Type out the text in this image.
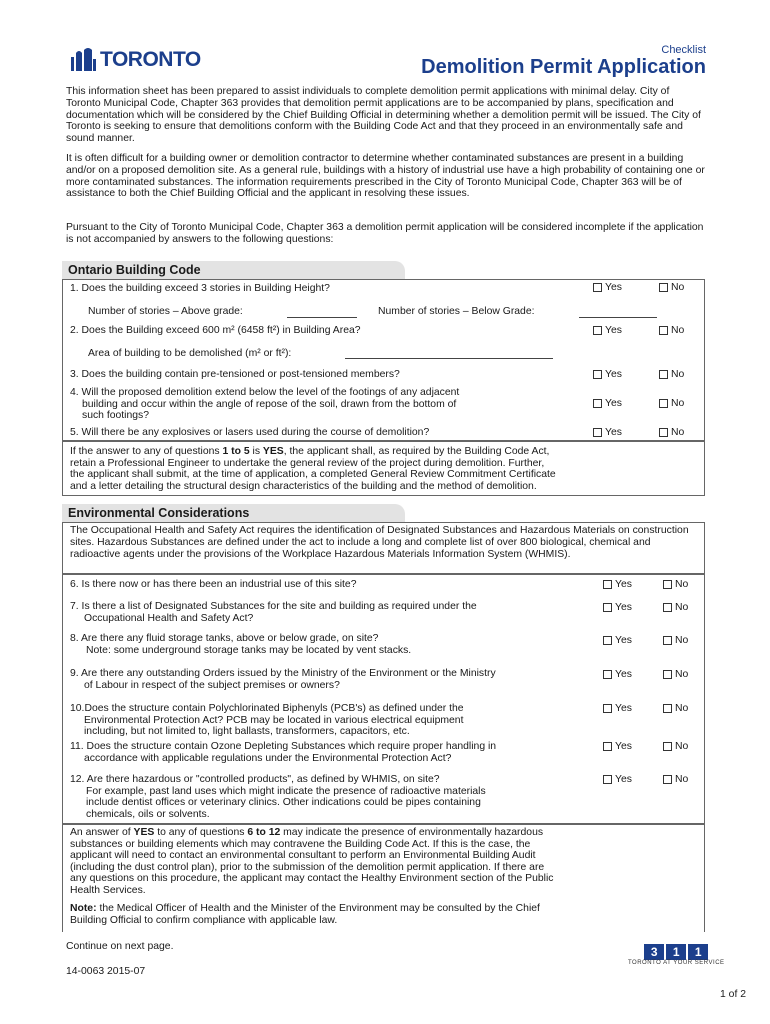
TORONTO	Checklist
Demolition Permit Application
This information sheet has been prepared to assist individuals to complete demolition permit applications with minimal delay. City of Toronto Municipal Code, Chapter 363 provides that demolition permit applications are to be accompanied by plans, specification and documentation which will be considered by the Chief Building Official in determining whether a demolition permit will be issued. The City of Toronto is seeking to ensure that demolitions conform with the Building Code Act and that they proceed in an environmentally safe and sound manner.
It is often difficult for a building owner or demolition contractor to determine whether contaminated substances are present in a building and/or on a proposed demolition site. As a general rule, buildings with a history of industrial use have a high probability of containing one or more contaminated substances. The information requirements prescribed in the City of Toronto Municipal Code, Chapter 363 will be of assistance to both the Chief Building Official and the applicant in resolving these issues.
Pursuant to the City of Toronto Municipal Code, Chapter 363 a demolition permit application will be considered incomplete if the application is not accompanied by answers to the following questions:
Ontario Building Code
1. Does the building exceed 3 stories in Building Height?	Yes	No
Number of stories – Above grade:	Number of stories – Below Grade:
2. Does the Building exceed 600 m² (6458 ft²) in Building Area?	Yes	No
Area of building to be demolished (m² or ft²):
3. Does the building contain pre-tensioned or post-tensioned members?	Yes	No
4. Will the proposed demolition extend below the level of the footings of any adjacent
building and occur within the angle of repose of the soil, drawn from the bottom of
such footings?
Yes	No
5. Will there be any explosives or lasers used during the course of demolition?	Yes	No
If the answer to any of questions 1 to 5 is YES, the applicant shall, as required by the Building Code Act,
retain a Professional Engineer to undertake the general review of the project during demolition. Further,
the applicant shall submit, at the time of application, a completed General Review Commitment Certificate
and a letter detailing the structural design characteristics of the building and the method of demolition.
Environmental Considerations
The Occupational Health and Safety Act requires the identification of Designated Substances and Hazardous Materials on construction sites. Hazardous Substances are defined under the act to include a long and complete list of over 800 biological, chemical and radioactive agents under the provisions of the Workplace Hazardous Materials Information System (WHMIS).
6. Is there now or has there been an industrial use of this site?	Yes	No
7. Is there a list of Designated Substances for the site and building as required under the
Occupational Health and Safety Act?
Yes	No
8. Are there any fluid storage tanks, above or below grade, on site?
Note: some underground storage tanks may be located by vent stacks.
Yes	No
9. Are there any outstanding Orders issued by the Ministry of the Environment or the Ministry
of Labour in respect of the subject premises or owners?
Yes	No
10.Does the structure contain Polychlorinated Biphenyls (PCB's) as defined under the
Environmental Protection Act? PCB may be located in various electrical equipment
including, but not limited to, light ballasts, transformers, capacitors, etc.
Yes	No
11. Does the structure contain Ozone Depleting Substances which require proper handling in
accordance with applicable regulations under the Environmental Protection Act?
Yes	No
12. Are there hazardous or "controlled products", as defined by WHMIS, on site?
For example, past land uses which might indicate the presence of radioactive materials
include dentist offices or veterinary clinics. Other indications could be pipes containing
chemicals, oils or solvents.
Yes	No
An answer of YES to any of questions 6 to 12 may indicate the presence of environmentally hazardous
substances or building elements which may contravene the Building Code Act. If this is the case, the
applicant will need to contact an environmental consultant to perform an Environmental Building Audit
(including the dust control plan), prior to the submission of the demolition permit application. If there are
any questions on this procedure, the applicant may contact the Healthy Environment section of the Public
Health Services.
Note: the Medical Officer of Health and the Minister of the Environment may be consulted by the Chief
Building Official to confirm compliance with applicable law.
Continue on next page.
14-0063 2015-07
3	1	1
TORONTO AT YOUR SERVICE
1 of 2
